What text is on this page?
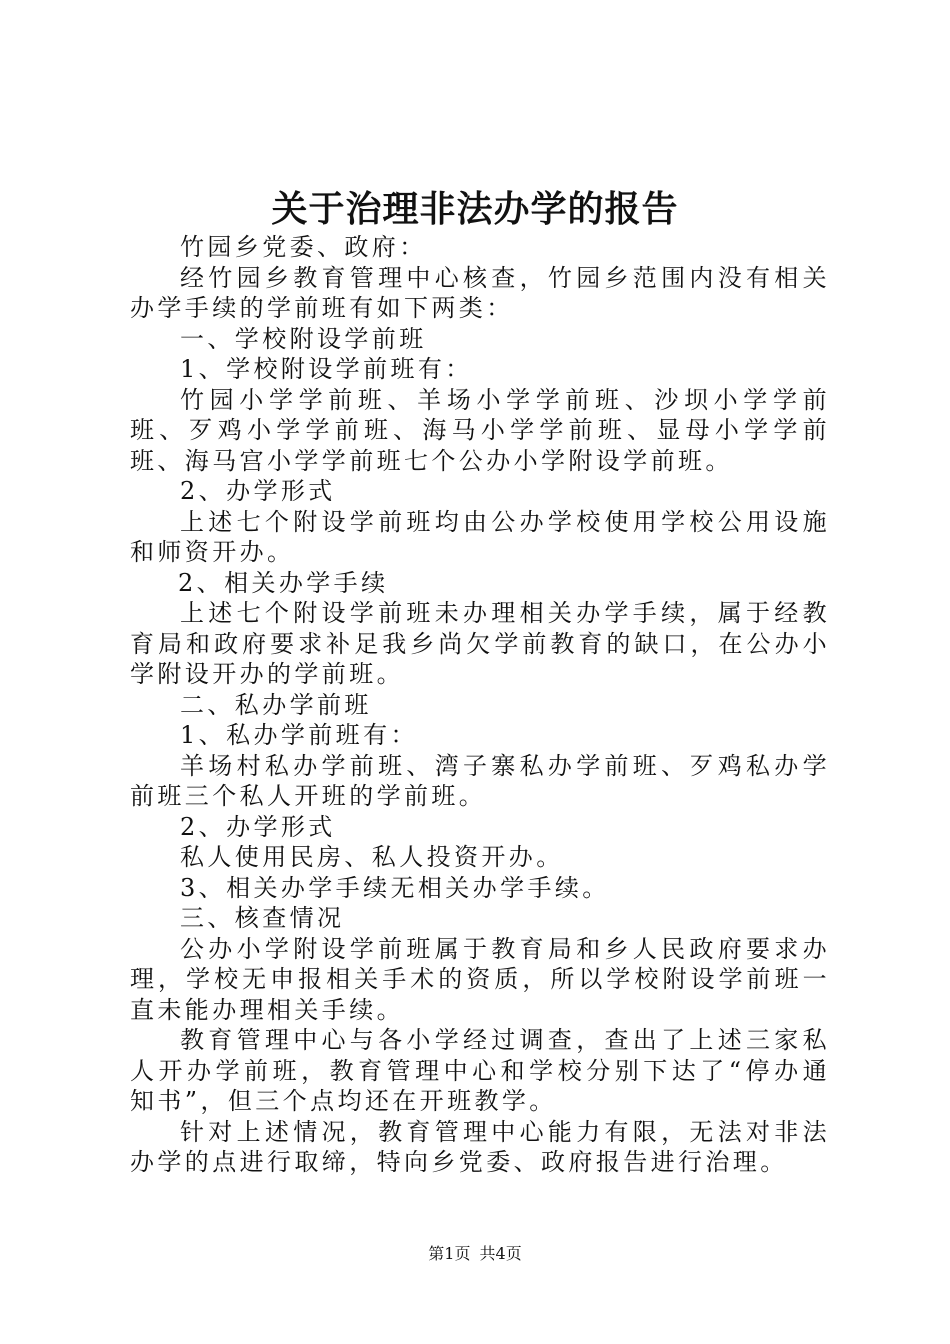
关于治理非法办学的报告

竹园乡党委、政府：

经竹园乡教育管理中心核查，竹园乡范围内没有相关办学手续的学前班有如下两类：

一、学校附设学前班

1、学校附设学前班有：

竹园小学学前班、羊场小学学前班、沙坝小学学前班、歹鸡小学学前班、海马小学学前班、显母小学学前班、海马宫小学学前班七个公办小学附设学前班。

2、办学形式

上述七个附设学前班均由公办学校使用学校公用设施和师资开办。

2、相关办学手续

上述七个附设学前班未办理相关办学手续，属于经教育局和政府要求补足我乡尚欠学前教育的缺口，在公办小学附设开办的学前班。

二、私办学前班

1、私办学前班有：

羊场村私办学前班、湾子寨私办学前班、歹鸡私办学前班三个私人开班的学前班。

2、办学形式

私人使用民房、私人投资开办。

3、相关办学手续无相关办学手续。

三、核查情况

公办小学附设学前班属于教育局和乡人民政府要求办理，学校无申报相关手术的资质，所以学校附设学前班一直未能办理相关手续。

教育管理中心与各小学经过调查，查出了上述三家私人开办学前班，教育管理中心和学校分别下达了“停办通知书”，但三个点均还在开班教学。

针对上述情况，教育管理中心能力有限，无法对非法办学的点进行取缔，特向乡党委、政府报告进行治理。

第1页 共4页
